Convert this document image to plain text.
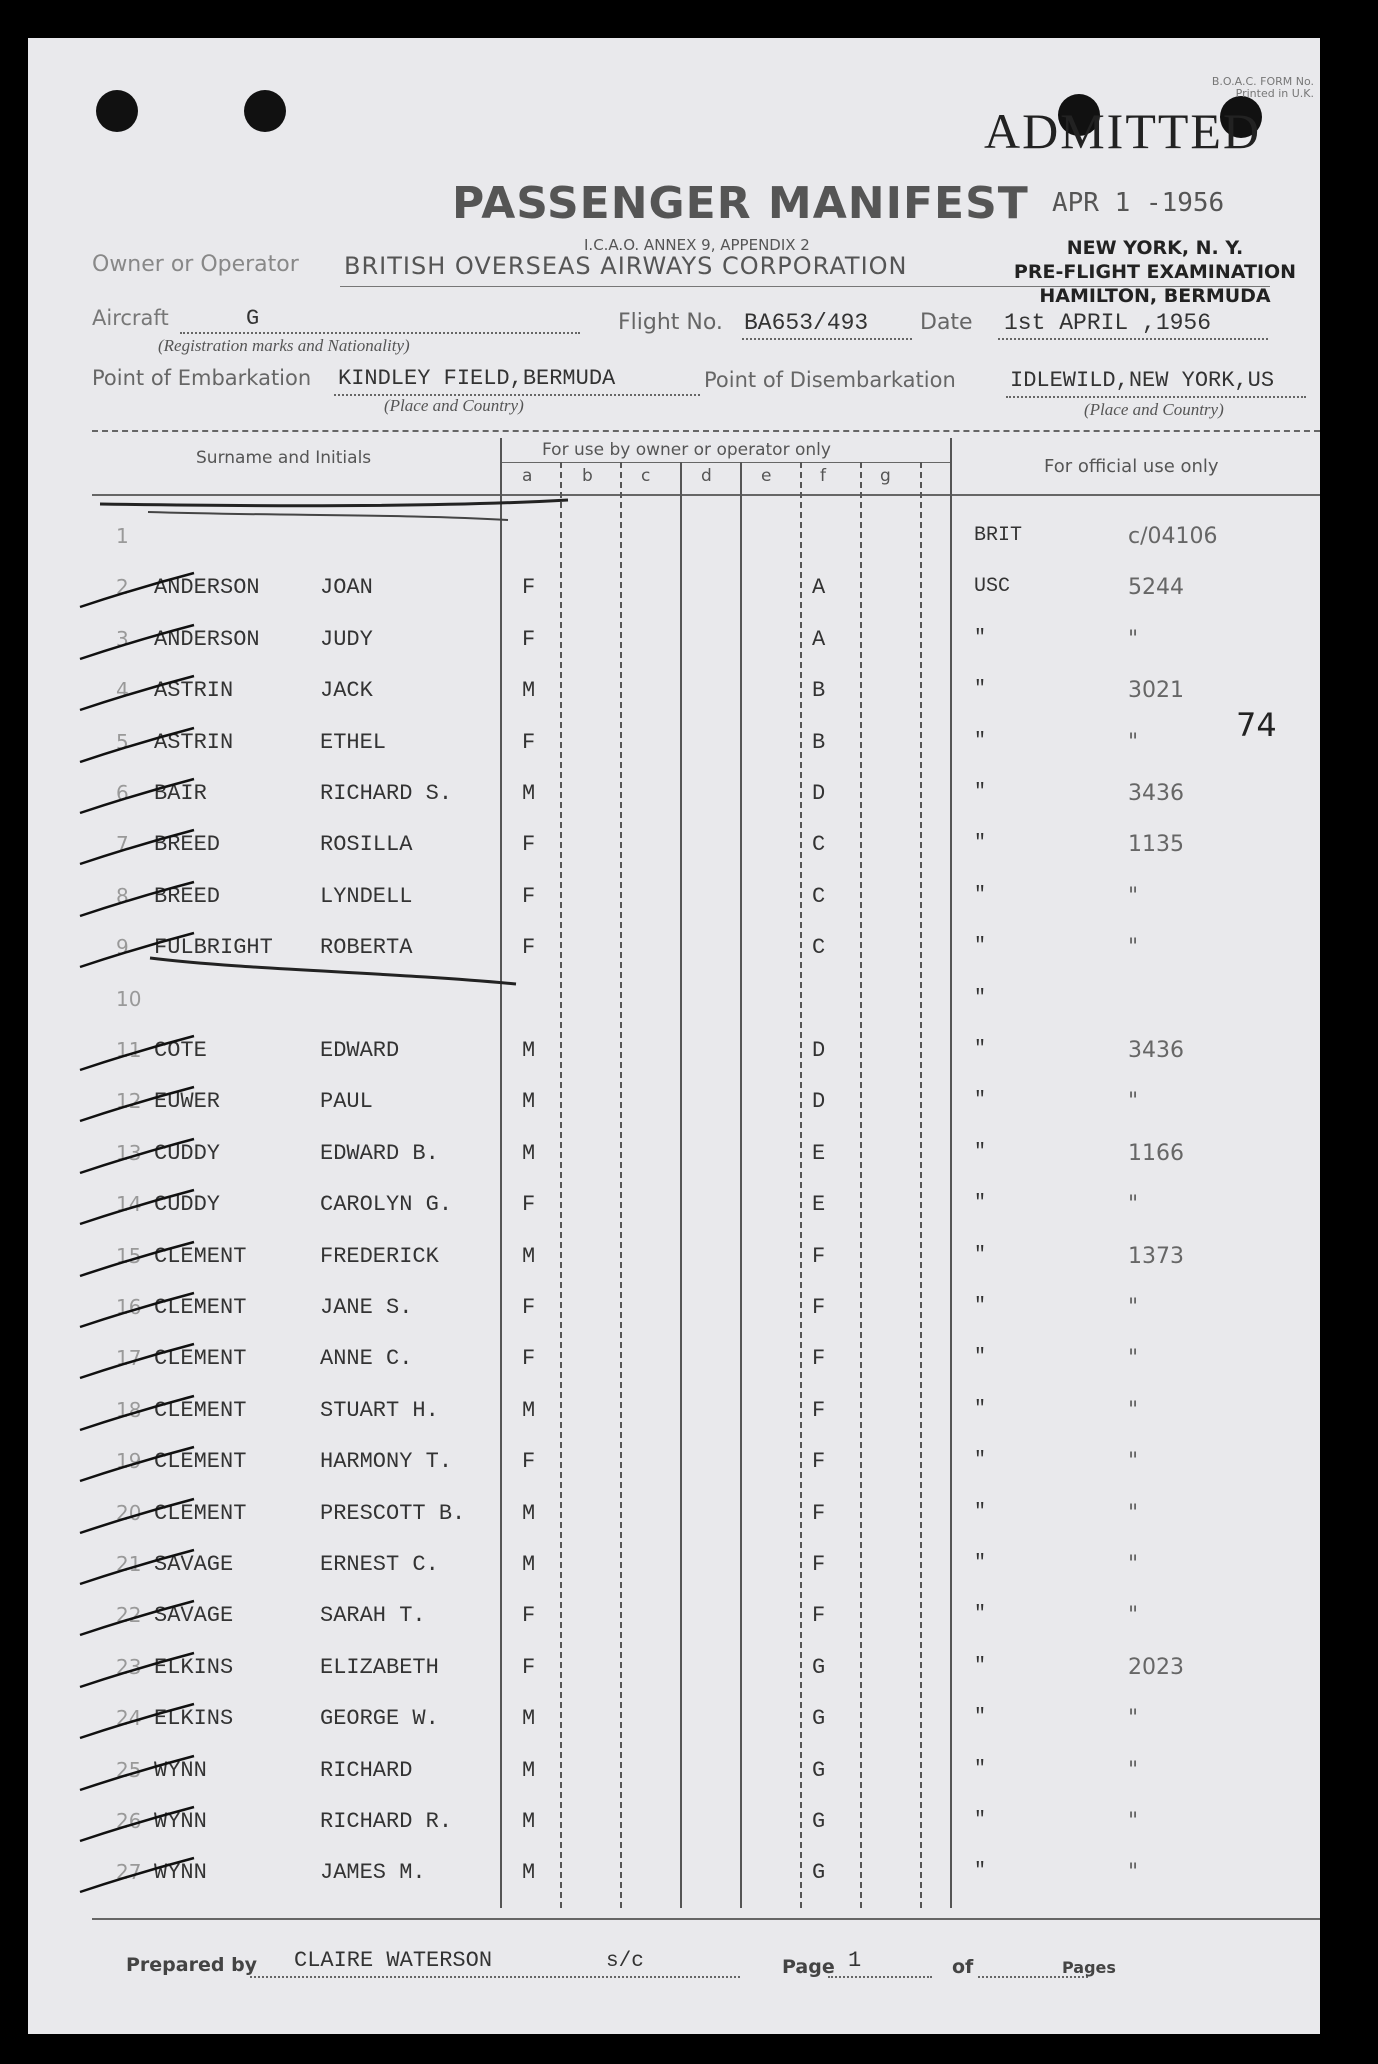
B.O.A.C. FORM No.
Printed in U.K.
ADMITTED
APR 1 -1956
PASSENGER MANIFEST
I.C.A.O. ANNEX 9, APPENDIX 2	NEW YORK, N. Y.
PRE-FLIGHT EXAMINATION
HAMILTON, BERMUDA
Owner or Operator BRITISH OVERSEAS AIRWAYS CORPORATION
Aircraft	G
(Registration marks and Nationality)
Flight No. BA653/493 Date 1st APRIL ,1956
Point of Embarkation KINDLEY FIELD,BERMUDA
(Place and Country)
Point of Disembarkation IDLEWILD,NEW YORK,US
(Place and Country)
Surname and Initials	For use by owner or operator only
For official use only
a	b	c	d	e	f	g
74
1	BRIT	c/04106
2 ANDERSON	JOAN	F	A	USC	5244
3 ANDERSON	JUDY	F	A	"	"
4 ASTRIN	JACK	M	B	"	3021
5 ASTRIN	ETHEL	F	B	"	"
6 BAIR	RICHARD S.	M	D	"	3436
7 BREED	ROSILLA	F	C	"	1135
8 BREED	LYNDELL	F	C	"	"
9 FULBRIGHT ROBERTA	F	C	"	"
10	"
11 COTE	EDWARD	M	D	"	3436
12 EUWER	PAUL	M	D	"	"
13 CUDDY	EDWARD B.	M	E	"	1166
14 CUDDY	CAROLYN G.	F	E	"	"
15 CLEMENT	FREDERICK	M	F	"	1373
16 CLEMENT	JANE S.	F	F	"	"
17 CLEMENT	ANNE C.	F	F	"	"
18 CLEMENT	STUART H.	M	F	"	"
19 CLEMENT	HARMONY T.	F	F	"	"
20 CLEMENT	PRESCOTT B.	M	F	"	"
21 SAVAGE	ERNEST C.	M	F	"	"
22 SAVAGE	SARAH T.	F	F	"	"
23 ELKINS	ELIZABETH	F	G	"	2023
24 ELKINS	GEORGE W.	M	G	"	"
25 WYNN	RICHARD	M	G	"	"
26 WYNN	RICHARD R.	M	G	"	"
27 WYNN	JAMES M.	M	G	"	"
Prepared by CLAIRE WATERSON	s/c	Page 1	of	Pages
